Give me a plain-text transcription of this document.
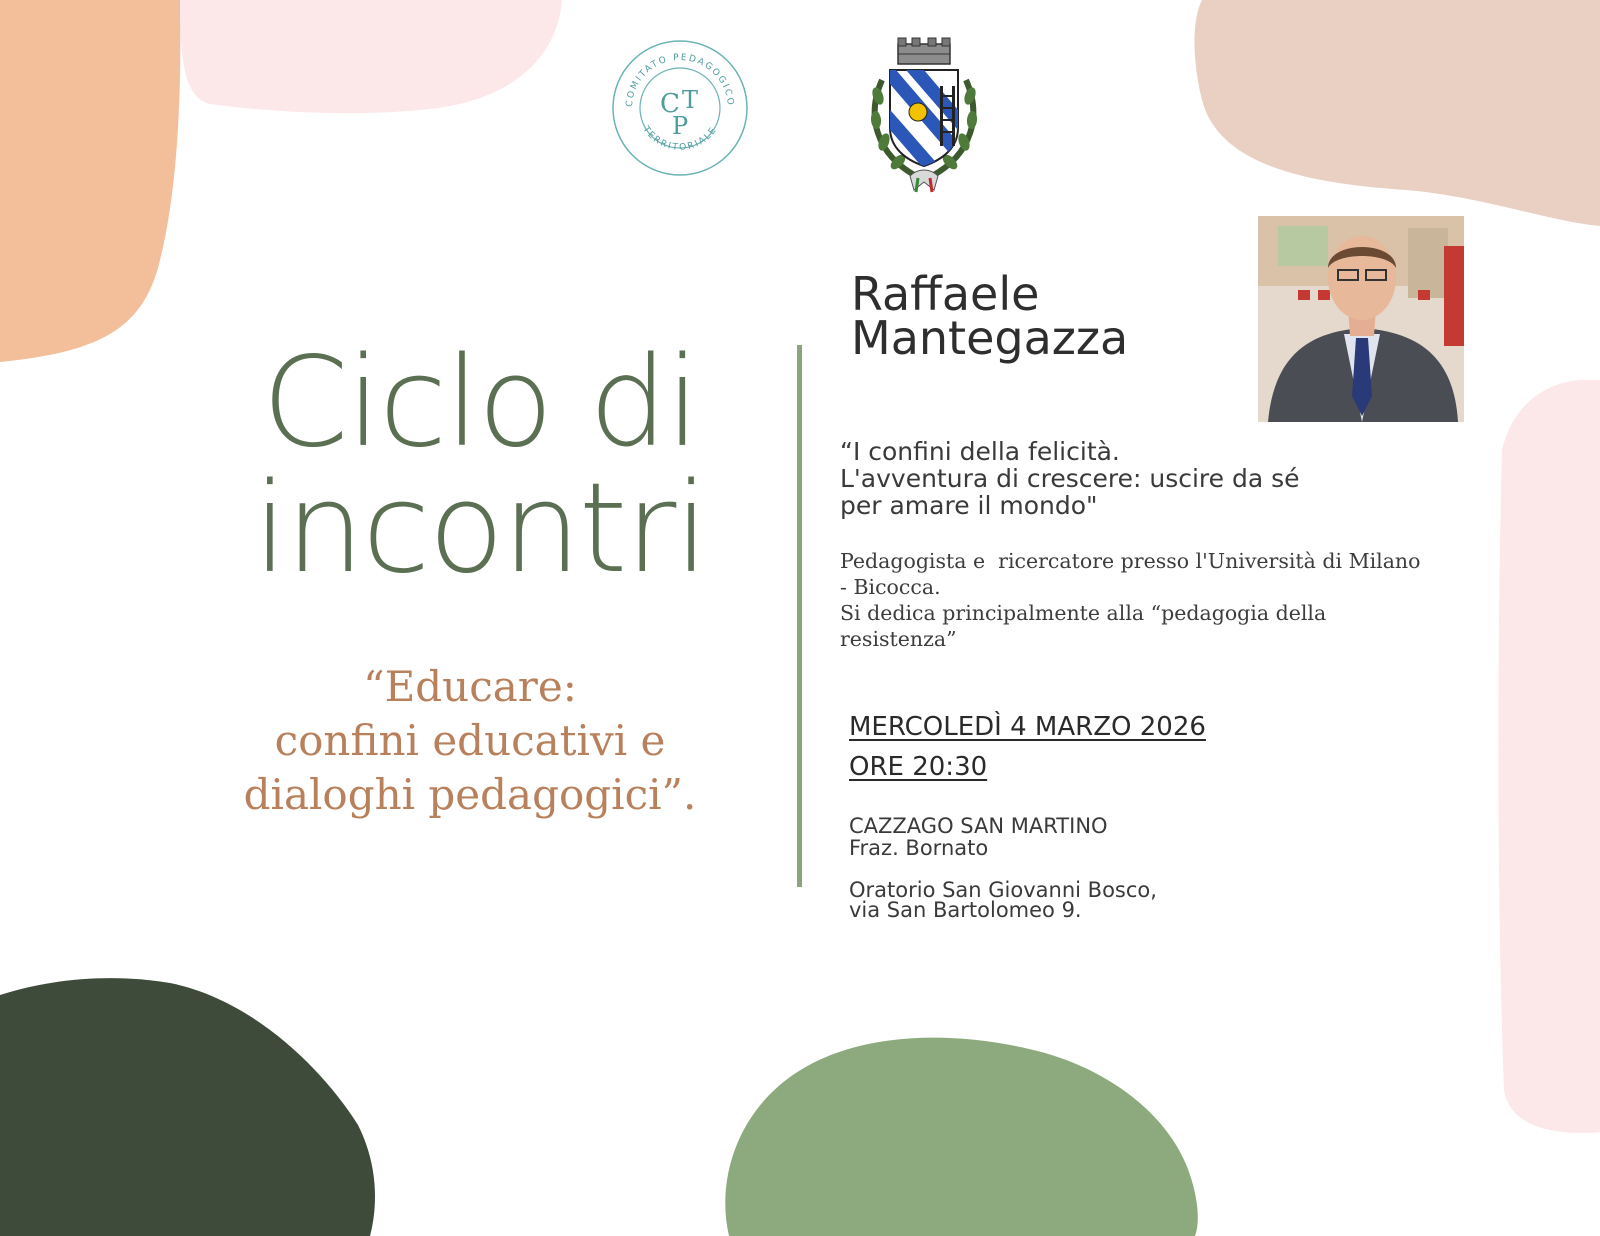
COMITATO PEDAGOGICO
TERRITORIALE
C T
P
Ciclo di
incontri
“Educare:
confini educativi e
dialoghi pedagogici”.
Raffaele
Mantegazza
“I confini della felicità.
L'avventura di crescere: uscire da sé
per amare il mondo"
Pedagogista e  ricercatore presso l'Università di Milano
- Bicocca.
Si dedica principalmente alla “pedagogia della
resistenza”
MERCOLEDÌ 4 MARZO 2026
ORE 20:30
CAZZAGO SAN MARTINO
Fraz. Bornato
Oratorio San Giovanni Bosco,
via San Bartolomeo 9.
